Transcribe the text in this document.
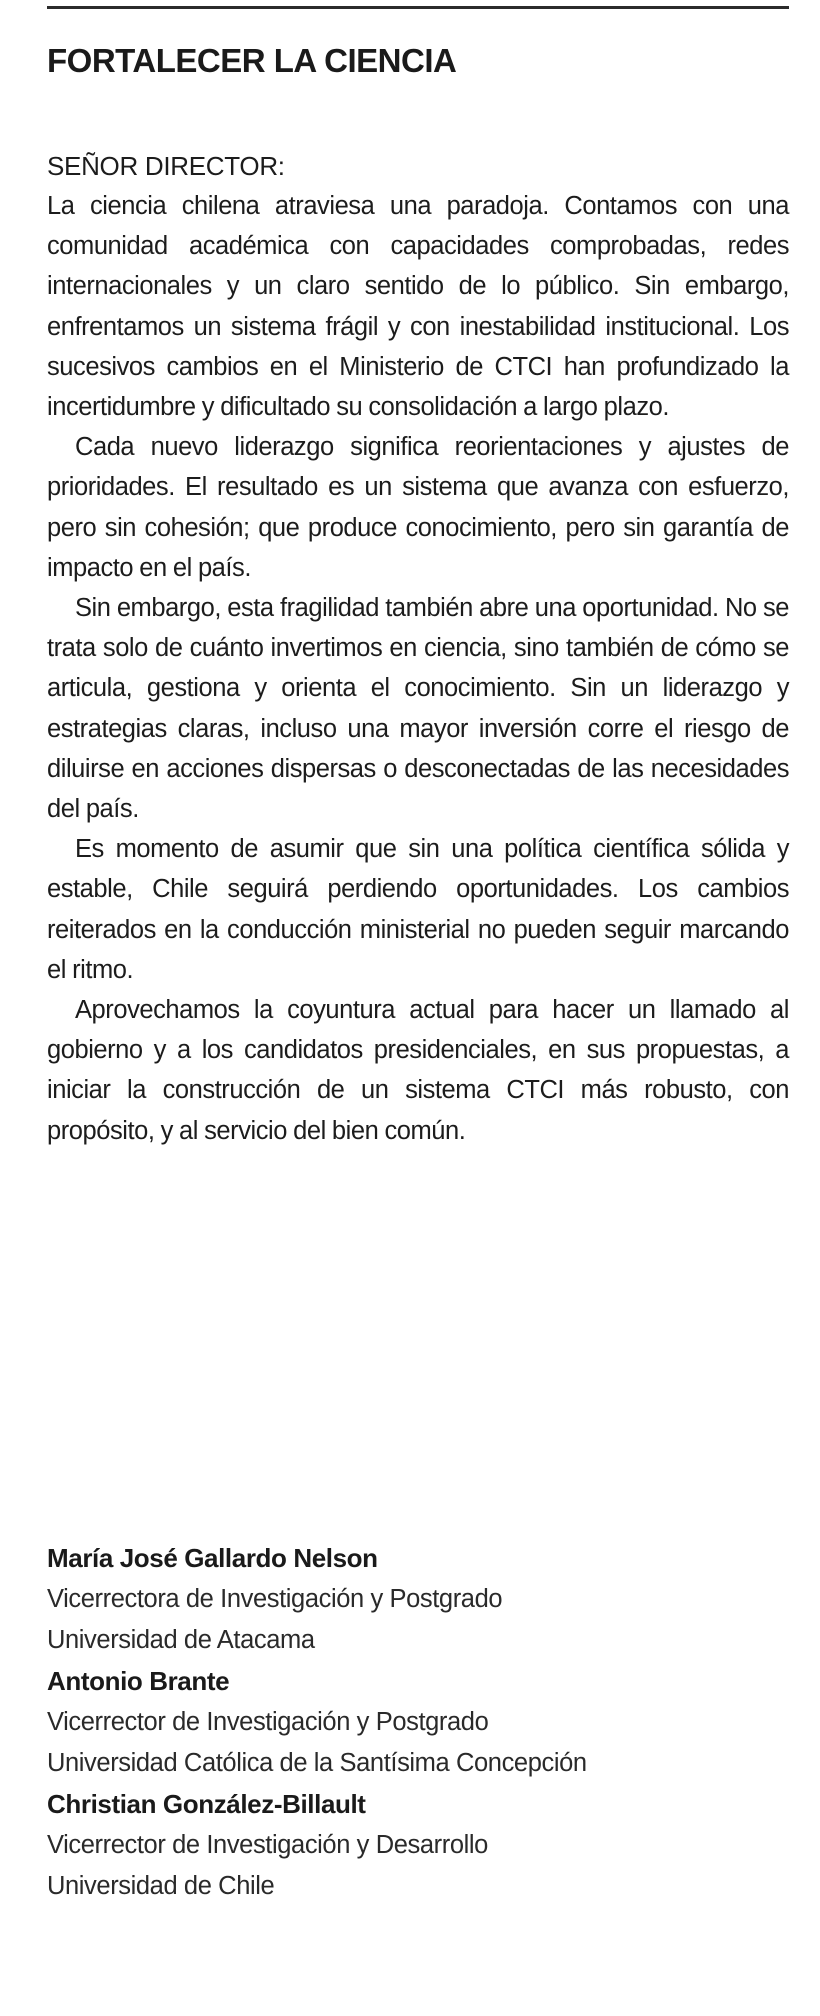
FORTALECER LA CIENCIA

SEÑOR DIRECTOR:

La ciencia chilena atraviesa una paradoja. Contamos con una comunidad académica con capacidades comprobadas, redes internacionales y un claro sentido de lo público. Sin embargo, enfrentamos un sistema frágil y con inestabilidad institucional. Los sucesivos cambios en el Ministerio de CTCI han profundizado la incertidumbre y dificultado su consolidación a largo plazo.

Cada nuevo liderazgo significa reorientaciones y ajustes de prioridades. El resultado es un sistema que avanza con esfuerzo, pero sin cohesión; que produce conocimiento, pero sin garantía de impacto en el país.

Sin embargo, esta fragilidad también abre una oportunidad. No se trata solo de cuánto invertimos en ciencia, sino también de cómo se articula, gestiona y orienta el conocimiento. Sin un liderazgo y estrategias claras, incluso una mayor inversión corre el riesgo de diluirse en acciones dispersas o desconectadas de las necesidades del país.

Es momento de asumir que sin una política científica sólida y estable, Chile seguirá perdiendo oportunidades. Los cambios reiterados en la conducción ministerial no pueden seguir marcando el ritmo.

Aprovechamos la coyuntura actual para hacer un llamado al gobierno y a los candidatos presidenciales, en sus propuestas, a iniciar la construcción de un sistema CTCI más robusto, con propósito, y al servicio del bien común.

María José Gallardo Nelson
Vicerrectora de Investigación y Postgrado
Universidad de Atacama
Antonio Brante
Vicerrector de Investigación y Postgrado
Universidad Católica de la Santísima Concepción
Christian González-Billault
Vicerrector de Investigación y Desarrollo
Universidad de Chile
